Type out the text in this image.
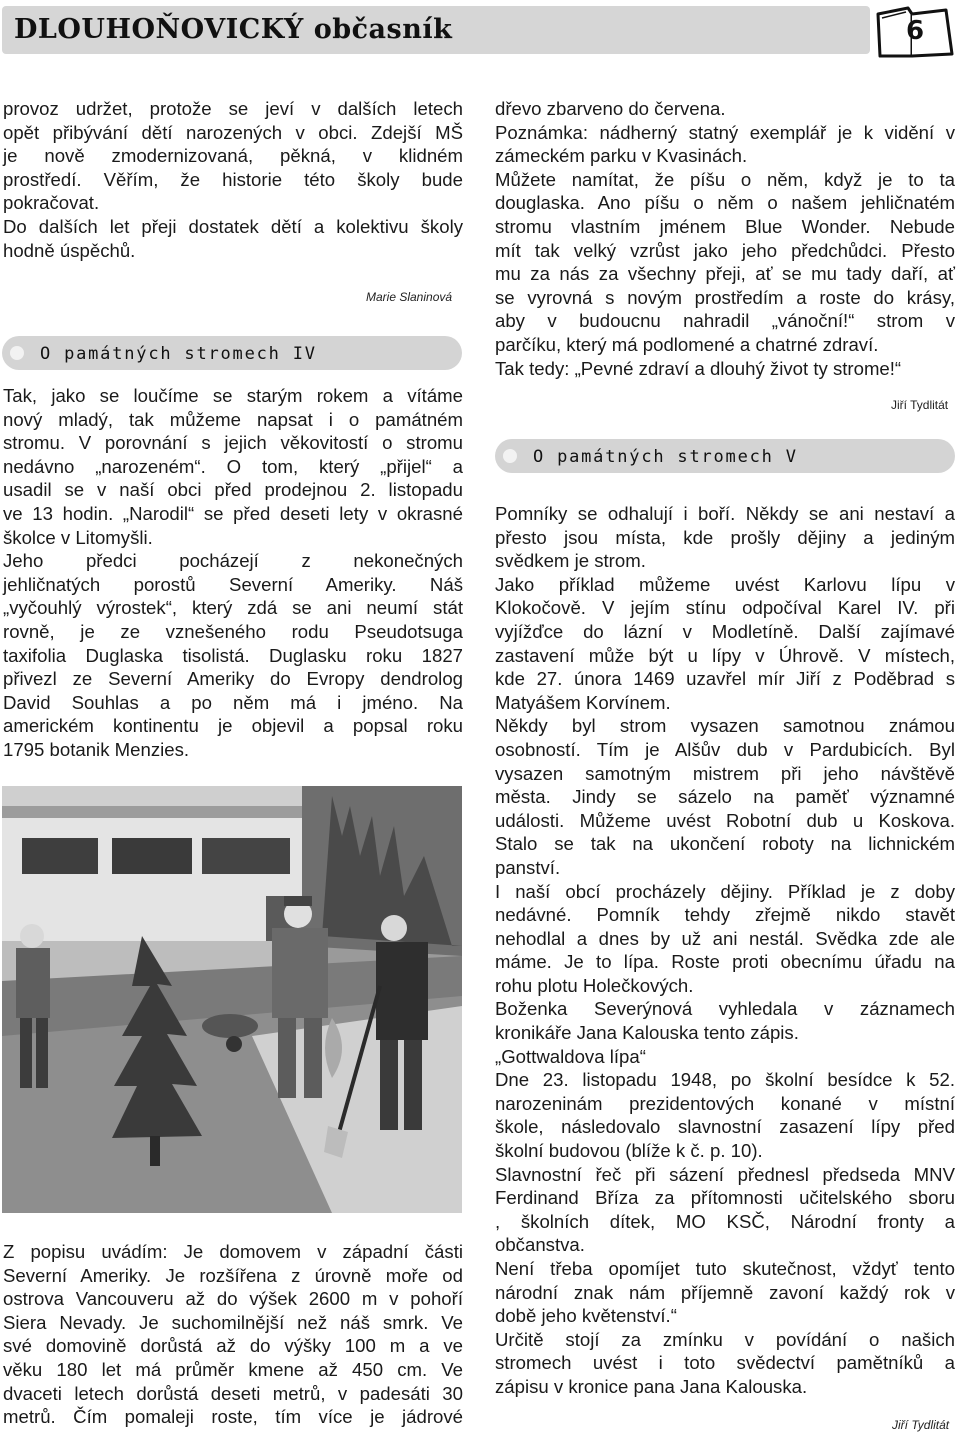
DLOUHOŇOVICKÝ občasník	6
provoz udržet, protože se jeví v dalších letech
opět přibývání dětí narozených v obci. Zdejší MŠ
je nově zmodernizovaná, pěkná, v klidném
prostředí. Věřím, že historie této školy bude
pokračovat.
Do dalších let přeji dostatek dětí a kolektivu školy
hodně úspěchů.
Marie Slaninová
O památných stromech IV
Tak, jako se loučíme se starým rokem a vítáme
nový mladý, tak můžeme napsat i o památném
stromu. V porovnání s jejich věkovitostí o stromu
nedávno „narozeném“. O tom, který „přijel“ a
usadil se v naší obci před prodejnou 2. listopadu
ve 13 hodin. „Narodil“ se před deseti lety v okrasné
školce v Litomyšli.
Jeho předci pocházejí z nekonečných
jehličnatých porostů Severní Ameriky. Náš
„vyčouhlý výrostek“, který zdá se ani neumí stát
rovně, je ze vznešeného rodu Pseudotsuga
taxifolia Duglaska tisolistá. Duglasku roku 1827
přivezl ze Severní Ameriky do Evropy dendrolog
David Souhlas a po něm má i jméno. Na
americkém kontinentu je objevil a popsal roku
1795 botanik Menzies.
Z popisu uvádím: Je domovem v západní části
Severní Ameriky. Je rozšířena z úrovně moře od
ostrova Vancouveru až do výšek 2600 m v pohoří
Siera Nevady. Je suchomilnější než náš smrk. Ve
své domovině dorůstá až do výšky 100 m a ve
věku 180 let má průměr kmene až 450 cm. Ve
dvaceti letech dorůstá deseti metrů, v padesáti 30
metrů. Čím pomaleji roste, tím více je jádrové
dřevo zbarveno do červena.
Poznámka: nádherný statný exemplář je k vidění v
zámeckém parku v Kvasinách.
Můžete namítat, že píšu o něm, když je to ta
douglaska. Ano píšu o něm o našem jehličnatém
stromu vlastním jménem Blue Wonder. Nebude
mít tak velký vzrůst jako jeho předchůdci. Přesto
mu za nás za všechny přeji, ať se mu tady daří, ať
se vyrovná s novým prostředím a roste do krásy,
aby v budoucnu nahradil „vánoční!“ strom v
parčíku, který má podlomené a chatrné zdraví.
Tak tedy: „Pevné zdraví a dlouhý život ty strome!“
Jiří Tydlitát
O památných stromech V
Pomníky se odhalují i boří. Někdy se ani nestaví a
přesto jsou místa, kde prošly dějiny a jediným
svědkem je strom.
Jako příklad můžeme uvést Karlovu lípu v
Klokočově. V jejím stínu odpočíval Karel IV. při
vyjížďce do lázní v Modletíně. Další zajímavé
zastavení může být u lípy v Úhrově. V místech,
kde 27. února 1469 uzavřel mír Jiří z Poděbrad s
Matyášem Korvínem.
Někdy byl strom vysazen samotnou známou
osobností. Tím je Alšův dub v Pardubicích. Byl
vysazen samotným mistrem při jeho návštěvě
města. Jindy se sázelo na paměť významné
události. Můžeme uvést Robotní dub u Koskova.
Stalo se tak na ukončení roboty na lichnickém
panství.
I naší obcí procházely dějiny. Příklad je z doby
nedávné. Pomník tehdy zřejmě nikdo stavět
nehodlal a dnes by už ani nestál. Svědka zde ale
máme. Je to lípa. Roste proti obecnímu úřadu na
rohu plotu Holečkových.
Boženka Severýnová vyhledala v záznamech
kronikáře Jana Kalouska tento zápis.
„Gottwaldova lípa“
Dne 23. listopadu 1948, po školní besídce k 52.
narozeninám prezidentových konané v místní
škole, následovalo slavnostní zasazení lípy před
školní budovou (blíže k č. p. 10).
Slavnostní řeč při sázení přednesl předseda MNV
Ferdinand Bříza za přítomnosti učitelského sboru
, školních dítek, MO KSČ, Národní fronty a
občanstva.
Není třeba opomíjet tuto skutečnost, vždyť tento
národní znak nám příjemně zavoní každý rok v
době jeho květenství.“
Určitě stojí za zmínku v povídání o našich
stromech uvést i toto svědectví pamětníků a
zápisu v kronice pana Jana Kalouska.
Jiří Tydlitát
